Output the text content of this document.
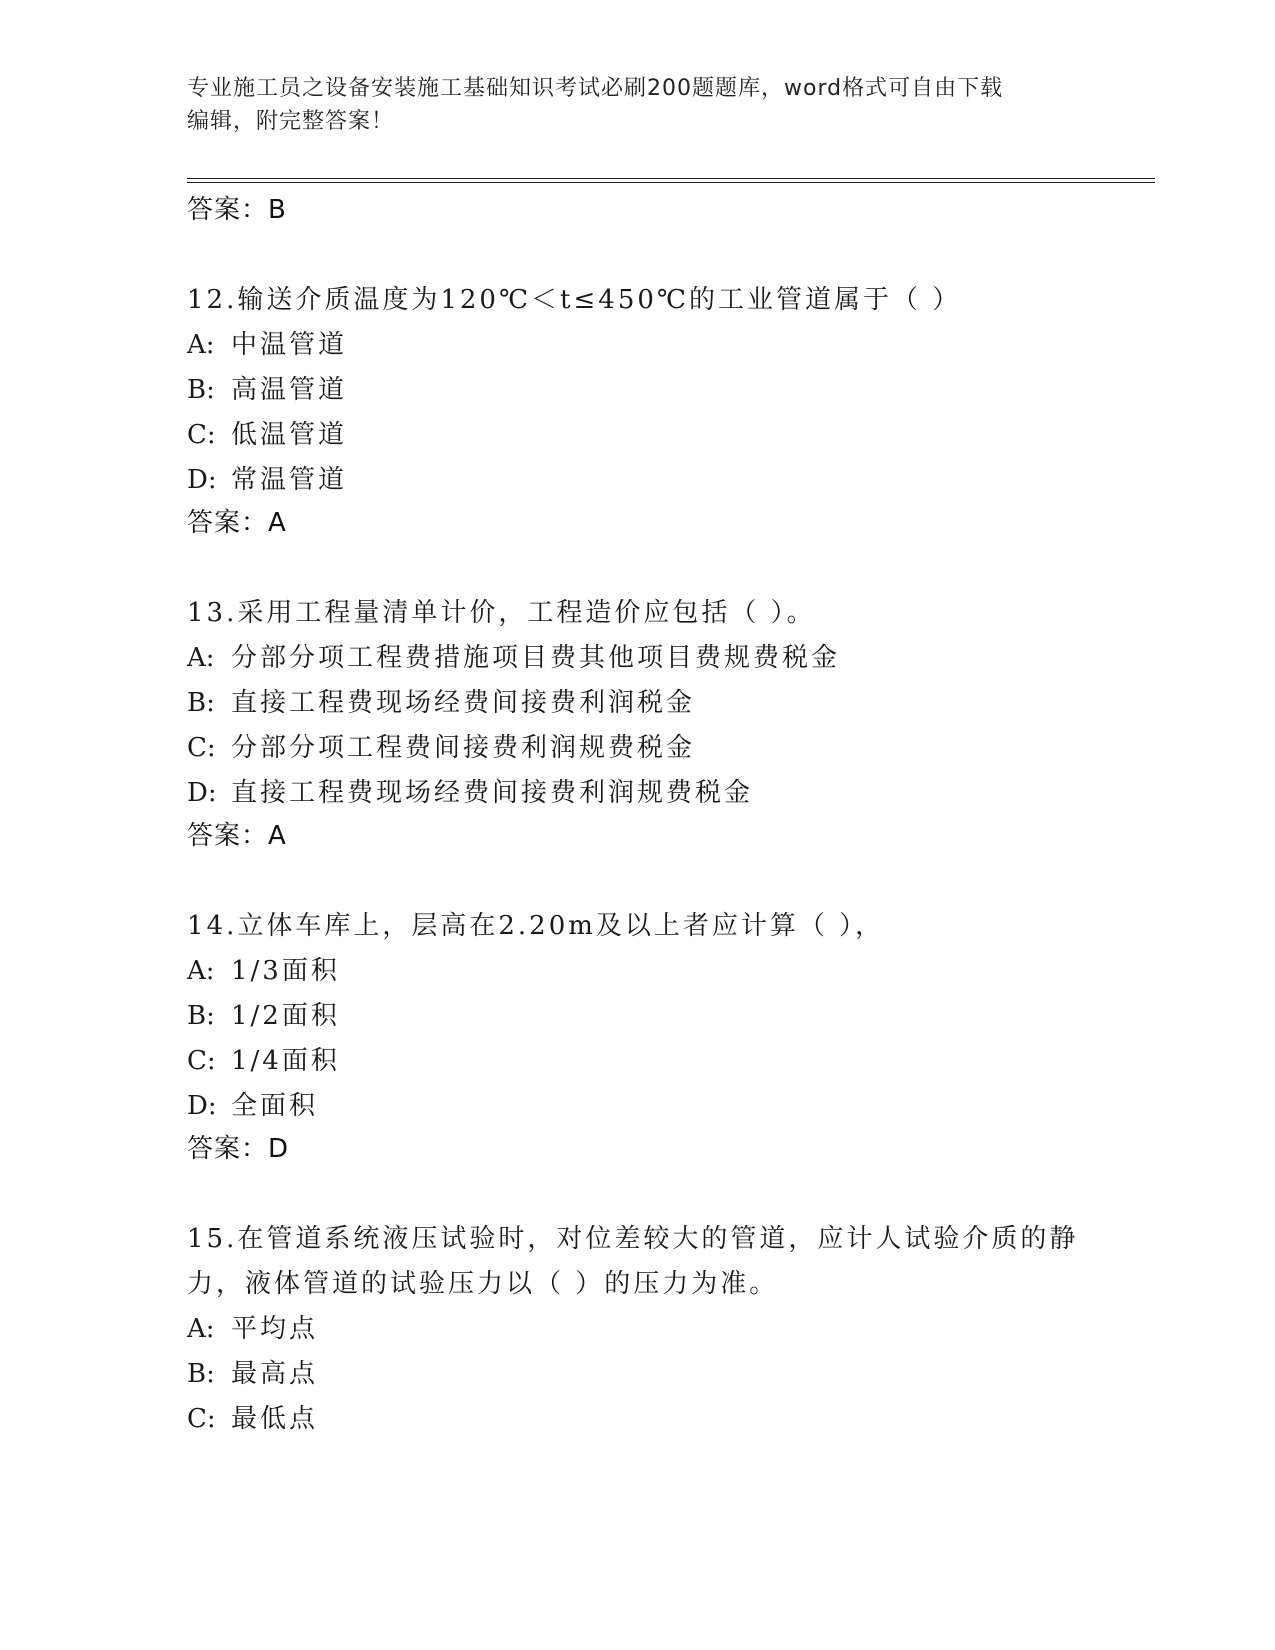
专业施工员之设备安装施工基础知识考试必刷200题题库，word格式可自由下载
编辑，附完整答案！
答案：B
12.输送介质温度为120℃＜t≤450℃的工业管道属于（ ）
A: 中温管道
B: 高温管道
C: 低温管道
D: 常温管道
答案：A
13.采用工程量清单计价，工程造价应包括（ ）。
A: 分部分项工程费措施项目费其他项目费规费税金
B: 直接工程费现场经费间接费利润税金
C: 分部分项工程费间接费利润规费税金
D: 直接工程费现场经费间接费利润规费税金
答案：A
14.立体车库上，层高在2.20m及以上者应计算（ ），
A: 1/3面积
B: 1/2面积
C: 1/4面积
D: 全面积
答案：D
15.在管道系统液压试验时，对位差较大的管道，应计人试验介质的静力，液体管道的试验压力以（ ）的压力为准。
A: 平均点
B: 最高点
C: 最低点
